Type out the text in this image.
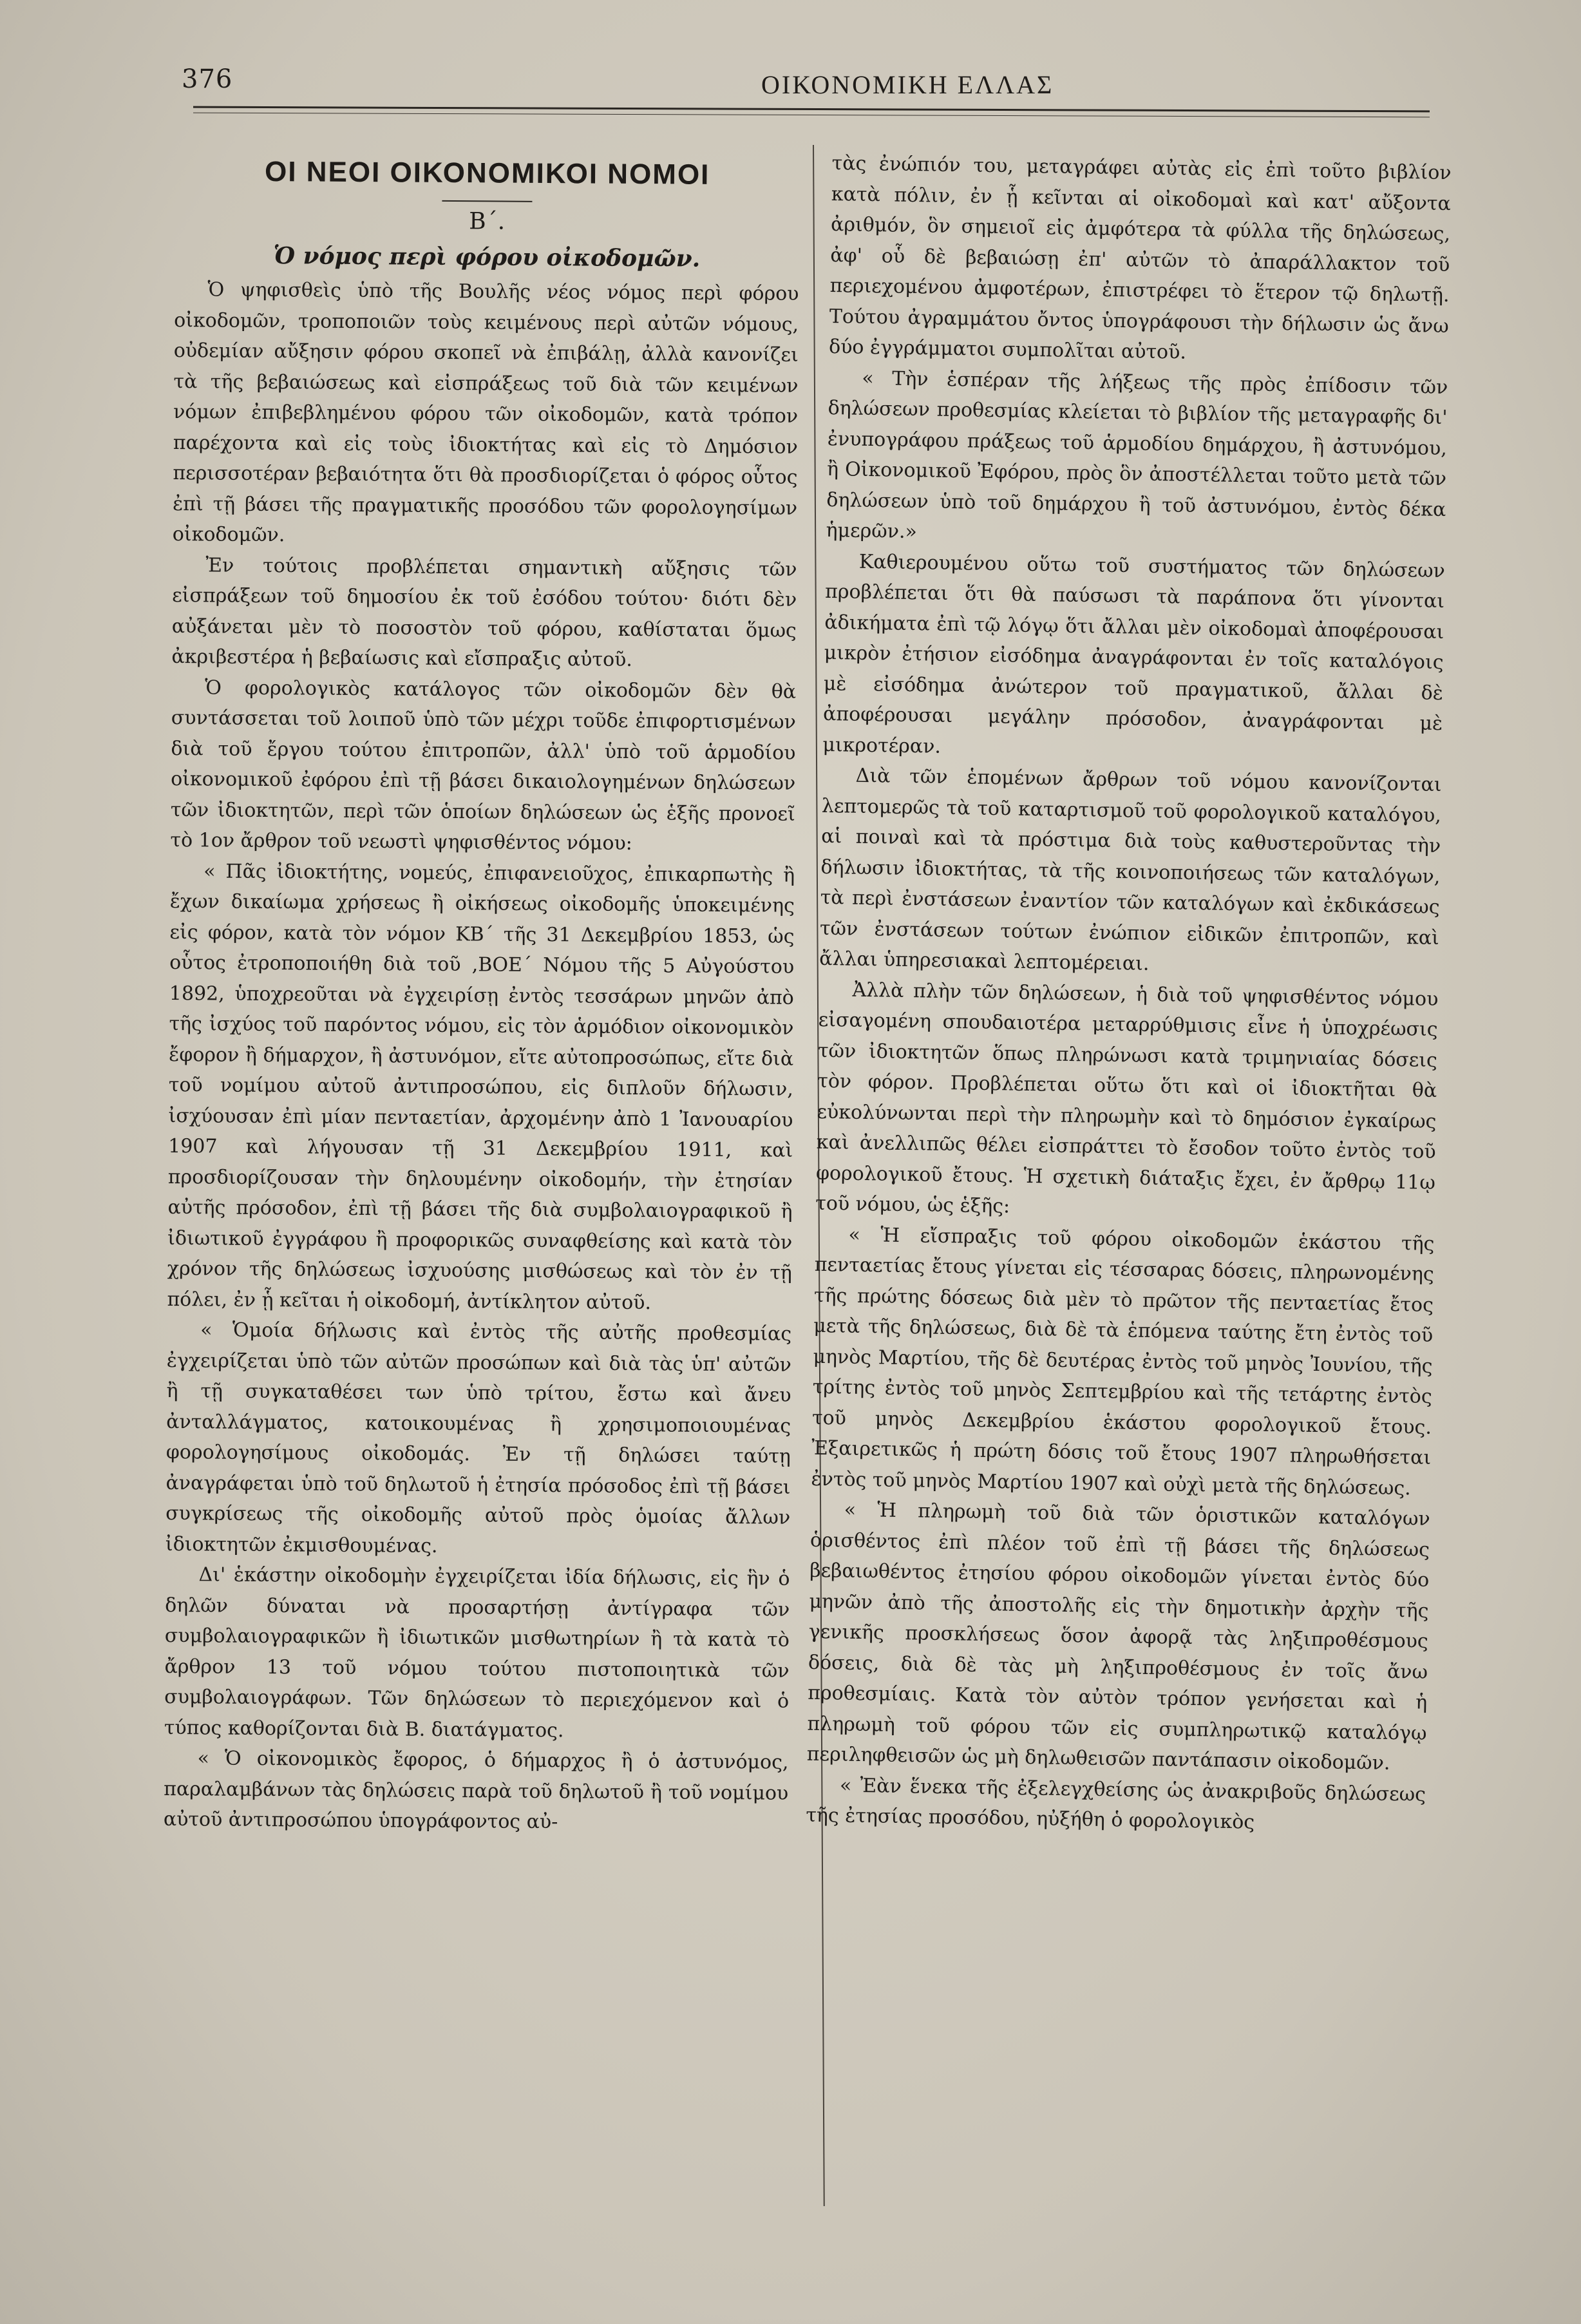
376	ΟΙΚΟΝΟΜΙΚΗ ΕΛΛΑΣ
ΟΙ ΝΕΟΙ ΟΙΚΟΝΟΜΙΚΟΙ ΝΟΜΟΙ
Β΄.
Ὁ νόμος περὶ φόρου οἰκοδομῶν.

Ὁ ψηφισθεὶς ὑπὸ τῆς Βουλῆς νέος νόμος περὶ φόρου οἰκοδομῶν, τροποποιῶν τοὺς κειμένους περὶ αὐτῶν νόμους, οὐδεμίαν αὔξησιν φόρου σκοπεῖ νὰ ἐπιβάλῃ, ἀλλὰ κανονίζει τὰ τῆς βεβαιώσεως καὶ εἰσπράξεως τοῦ διὰ τῶν κειμένων νόμων ἐπιβεβλημένου φόρου τῶν οἰκοδομῶν, κατὰ τρόπον παρέχοντα καὶ εἰς τοὺς ἰδιοκτήτας καὶ εἰς τὸ Δημόσιον περισσοτέραν βεβαιότητα ὅτι θὰ προσδιορίζεται ὁ φόρος οὗτος ἐπὶ τῇ βάσει τῆς πραγματικῆς προσόδου τῶν φορολογησίμων οἰκοδομῶν.

Ἐν τούτοις προβλέπεται σημαντικὴ αὔξησις τῶν εἰσπράξεων τοῦ δημοσίου ἐκ τοῦ ἐσόδου τούτου· διότι δὲν αὐξάνεται μὲν τὸ ποσοστὸν τοῦ φόρου, καθίσταται ὅμως ἀκριβεστέρα ἡ βεβαίωσις καὶ εἴσπραξις αὐτοῦ.

Ὁ φορολογικὸς κατάλογος τῶν οἰκοδομῶν δὲν θὰ συντάσσεται τοῦ λοιποῦ ὑπὸ τῶν μέχρι τοῦδε ἐπιφορτισμένων διὰ τοῦ ἔργου τούτου ἐπιτροπῶν, ἀλλ' ὑπὸ τοῦ ἁρμοδίου οἰκονομικοῦ ἐφόρου ἐπὶ τῇ βάσει δικαιολογημένων δηλώσεων τῶν ἰδιοκτητῶν, περὶ τῶν ὁποίων δηλώσεων ὡς ἑξῆς προνοεῖ τὸ 1ον ἄρθρον τοῦ νεωστὶ ψηφισθέντος νόμου:

« Πᾶς ἰδιοκτήτης, νομεύς, ἐπιφανειοῦχος, ἐπικαρπωτὴς ἢ ἔχων δικαίωμα χρήσεως ἢ οἰκήσεως οἰκοδομῆς ὑποκειμένης εἰς φόρον, κατὰ τὸν νόμον ΚΒ΄ τῆς 31 Δεκεμβρίου 1853, ὡς οὗτος ἐτροποποιήθη διὰ τοῦ ,ΒΟΕ΄ Νόμου τῆς 5 Αὐγούστου 1892, ὑποχρεοῦται νὰ ἐγχειρίσῃ ἐντὸς τεσσάρων μηνῶν ἀπὸ τῆς ἰσχύος τοῦ παρόντος νόμου, εἰς τὸν ἁρμόδιον οἰκονομικὸν ἔφορον ἢ δήμαρχον, ἢ ἀστυνόμον, εἴτε αὐτοπροσώπως, εἴτε διὰ τοῦ νομίμου αὐτοῦ ἀντιπροσώπου, εἰς διπλοῦν δήλωσιν, ἰσχύουσαν ἐπὶ μίαν πενταετίαν, ἀρχομένην ἀπὸ 1 Ἰανουαρίου 1907 καὶ λήγουσαν τῇ 31 Δεκεμβρίου 1911, καὶ προσδιορίζουσαν τὴν δηλουμένην οἰκοδομήν, τὴν ἐτησίαν αὐτῆς πρόσοδον, ἐπὶ τῇ βάσει τῆς διὰ συμβολαιογραφικοῦ ἢ ἰδιωτικοῦ ἐγγράφου ἢ προφορικῶς συναφθείσης καὶ κατὰ τὸν χρόνον τῆς δηλώσεως ἰσχυούσης μισθώσεως καὶ τὸν ἐν τῇ πόλει, ἐν ᾗ κεῖται ἡ οἰκοδομή, ἀντίκλητον αὐτοῦ.

« Ὁμοία δήλωσις καὶ ἐντὸς τῆς αὐτῆς προθεσμίας ἐγχειρίζεται ὑπὸ τῶν αὐτῶν προσώπων καὶ διὰ τὰς ὑπ' αὐτῶν ἢ τῇ συγκαταθέσει των ὑπὸ τρίτου, ἔστω καὶ ἄνευ ἀνταλλάγματος, κατοικουμένας ἢ χρησιμοποιουμένας φορολογησίμους οἰκοδομάς. Ἐν τῇ δηλώσει ταύτῃ ἀναγράφεται ὑπὸ τοῦ δηλωτοῦ ἡ ἐτησία πρόσοδος ἐπὶ τῇ βάσει συγκρίσεως τῆς οἰκοδομῆς αὐτοῦ πρὸς ὁμοίας ἄλλων ἰδιοκτητῶν ἐκμισθουμένας.

Δι' ἑκάστην οἰκοδομὴν ἐγχειρίζεται ἰδία δήλωσις, εἰς ἣν ὁ δηλῶν δύναται νὰ προσαρτήσῃ ἀντίγραφα τῶν συμβολαιογραφικῶν ἢ ἰδιωτικῶν μισθωτηρίων ἢ τὰ κατὰ τὸ ἄρθρον 13 τοῦ νόμου τούτου πιστοποιητικὰ τῶν συμβολαιογράφων. Τῶν δηλώσεων τὸ περιεχόμενον καὶ ὁ τύπος καθορίζονται διὰ Β. διατάγματος.

« Ὁ οἰκονομικὸς ἔφορος, ὁ δήμαρχος ἢ ὁ ἀστυνόμος, παραλαμβάνων τὰς δηλώσεις παρὰ τοῦ δηλωτοῦ ἢ τοῦ νομίμου αὐτοῦ ἀντιπροσώπου ὑπογράφοντος αὐ-

τὰς ἐνώπιόν του, μεταγράφει αὐτὰς εἰς ἐπὶ τοῦτο βιβλίον κατὰ πόλιν, ἐν ᾗ κεῖνται αἱ οἰκοδομαὶ καὶ κατ' αὔξοντα ἀριθμόν, ὃν σημειοῖ εἰς ἀμφότερα τὰ φύλλα τῆς δηλώσεως, ἀφ' οὗ δὲ βεβαιώσῃ ἐπ' αὐτῶν τὸ ἀπαράλλακτον τοῦ περιεχομένου ἀμφοτέρων, ἐπιστρέφει τὸ ἕτερον τῷ δηλωτῇ. Τούτου ἀγραμμάτου ὄντος ὑπογράφουσι τὴν δήλωσιν ὡς ἄνω δύο ἐγγράμματοι συμπολῖται αὐτοῦ.

« Τὴν ἑσπέραν τῆς λήξεως τῆς πρὸς ἐπίδοσιν τῶν δηλώσεων προθεσμίας κλείεται τὸ βιβλίον τῆς μεταγραφῆς δι' ἐνυπογράφου πράξεως τοῦ ἁρμοδίου δημάρχου, ἢ ἀστυνόμου, ἢ Οἰκονομικοῦ Ἐφόρου, πρὸς ὃν ἀποστέλλεται τοῦτο μετὰ τῶν δηλώσεων ὑπὸ τοῦ δημάρχου ἢ τοῦ ἀστυνόμου, ἐντὸς δέκα ἡμερῶν.»

Καθιερουμένου οὕτω τοῦ συστήματος τῶν δηλώσεων προβλέπεται ὅτι θὰ παύσωσι τὰ παράπονα ὅτι γίνονται ἀδικήματα ἐπὶ τῷ λόγῳ ὅτι ἄλλαι μὲν οἰκοδομαὶ ἀποφέρουσαι μικρὸν ἐτήσιον εἰσόδημα ἀναγράφονται ἐν τοῖς καταλόγοις μὲ εἰσόδημα ἀνώτερον τοῦ πραγματικοῦ, ἄλλαι δὲ ἀποφέρουσαι μεγάλην πρόσοδον, ἀναγράφονται μὲ μικροτέραν.

Διὰ τῶν ἑπομένων ἄρθρων τοῦ νόμου κανονίζονται λεπτομερῶς τὰ τοῦ καταρτισμοῦ τοῦ φορολογικοῦ καταλόγου, αἱ ποιναὶ καὶ τὰ πρόστιμα διὰ τοὺς καθυστεροῦντας τὴν δήλωσιν ἰδιοκτήτας, τὰ τῆς κοινοποιήσεως τῶν καταλόγων, τὰ περὶ ἐνστάσεων ἐναντίον τῶν καταλόγων καὶ ἐκδικάσεως τῶν ἐνστάσεων τούτων ἐνώπιον εἰδικῶν ἐπιτροπῶν, καὶ ἄλλαι ὑπηρεσιακαὶ λεπτομέρειαι.

Ἀλλὰ πλὴν τῶν δηλώσεων, ἡ διὰ τοῦ ψηφισθέντος νόμου εἰσαγομένη σπουδαιοτέρα μεταρρύθμισις εἶνε ἡ ὑποχρέωσις τῶν ἰδιοκτητῶν ὅπως πληρώνωσι κατὰ τριμηνιαίας δόσεις τὸν φόρον. Προβλέπεται οὕτω ὅτι καὶ οἱ ἰδιοκτῆται θὰ εὐκολύνωνται περὶ τὴν πληρωμὴν καὶ τὸ δημόσιον ἐγκαίρως καὶ ἀνελλιπῶς θέλει εἰσπράττει τὸ ἔσοδον τοῦτο ἐντὸς τοῦ φορολογικοῦ ἔτους. Ἡ σχετικὴ διάταξις ἔχει, ἐν ἄρθρῳ 11ῳ τοῦ νόμου, ὡς ἑξῆς:

« Ἡ εἴσπραξις τοῦ φόρου οἰκοδομῶν ἑκάστου τῆς πενταετίας ἔτους γίνεται εἰς τέσσαρας δόσεις, πληρωνομένης τῆς πρώτης δόσεως διὰ μὲν τὸ πρῶτον τῆς πενταετίας ἔτος μετὰ τῆς δηλώσεως, διὰ δὲ τὰ ἑπόμενα ταύτης ἔτη ἐντὸς τοῦ μηνὸς Μαρτίου, τῆς δὲ δευτέρας ἐντὸς τοῦ μηνὸς Ἰουνίου, τῆς τρίτης ἐντὸς τοῦ μηνὸς Σεπτεμβρίου καὶ τῆς τετάρτης ἐντὸς τοῦ μηνὸς Δεκεμβρίου ἑκάστου φορολογικοῦ ἔτους. Ἐξαιρετικῶς ἡ πρώτη δόσις τοῦ ἔτους 1907 πληρωθήσεται ἐντὸς τοῦ μηνὸς Μαρτίου 1907 καὶ οὐχὶ μετὰ τῆς δηλώσεως.

« Ἡ πληρωμὴ τοῦ διὰ τῶν ὁριστικῶν καταλόγων ὁρισθέντος ἐπὶ πλέον τοῦ ἐπὶ τῇ βάσει τῆς δηλώσεως βεβαιωθέντος ἐτησίου φόρου οἰκοδομῶν γίνεται ἐντὸς δύο μηνῶν ἀπὸ τῆς ἀποστολῆς εἰς τὴν δημοτικὴν ἀρχὴν τῆς γενικῆς προσκλήσεως ὅσον ἀφορᾷ τὰς ληξιπροθέσμους δόσεις, διὰ δὲ τὰς μὴ ληξιπροθέσμους ἐν τοῖς ἄνω προθεσμίαις. Κατὰ τὸν αὐτὸν τρόπον γενήσεται καὶ ἡ πληρωμὴ τοῦ φόρου τῶν εἰς συμπληρωτικῷ καταλόγῳ περιληφθεισῶν ὡς μὴ δηλωθεισῶν παντάπασιν οἰκοδομῶν.

« Ἐὰν ἕνεκα τῆς ἐξελεγχθείσης ὡς ἀνακριβοῦς δηλώσεως τῆς ἐτησίας προσόδου, ηὐξήθη ὁ φορολογικὸς
